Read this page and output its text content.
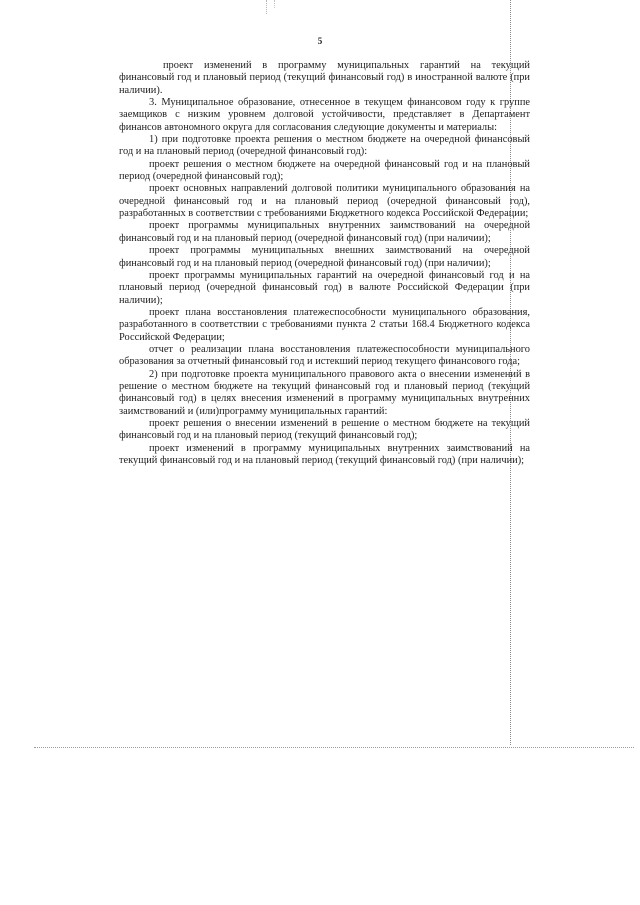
5

проект изменений в программу муниципальных гарантий на текущий финансовый год и плановый период (текущий финансовый год) в иностранной валюте (при наличии).

3. Муниципальное образование, отнесенное в текущем финансовом году к группе заемщиков с низким уровнем долговой устойчивости, представляет в Департамент финансов автономного округа для согласования следующие документы и материалы:

1) при подготовке проекта решения о местном бюджете на очередной финансовый год и на плановый период (очередной финансовый год):

проект решения о местном бюджете на очередной финансовый год и на плановый период (очередной финансовый год);

проект основных направлений долговой политики муниципального образования на очередной финансовый год и на плановый период (очередной финансовый год), разработанных в соответствии с требованиями Бюджетного кодекса Российской Федерации;

проект программы муниципальных внутренних заимствований на очередной финансовый год и на плановый период (очередной финансовый год) (при наличии);

проект программы муниципальных внешних заимствований на очередной финансовый год и на плановый период (очередной финансовый год) (при наличии);

проект программы муниципальных гарантий на очередной финансовый год и на плановый период (очередной финансовый год) в валюте Российской Федерации (при наличии);

проект плана восстановления платежеспособности муниципального образования, разработанного в соответствии с требованиями пункта 2 статьи 168.4 Бюджетного кодекса Российской Федерации;

отчет о реализации плана восстановления платежеспособности муниципального образования за отчетный финансовый год и истекший период текущего финансового года;

2) при подготовке проекта муниципального правового акта о внесении изменений в решение о местном бюджете на текущий финансовый год и плановый период (текущий финансовый год) в целях внесения изменений в программу муниципальных внутренних заимствований и (или)программу муниципальных гарантий:

проект решения о внесении изменений в решение о местном бюджете на текущий финансовый год и на плановый период (текущий финансовый год);

проект изменений в программу муниципальных внутренних заимствований на текущий финансовый год и на плановый период (текущий финансовый год) (при наличии);
